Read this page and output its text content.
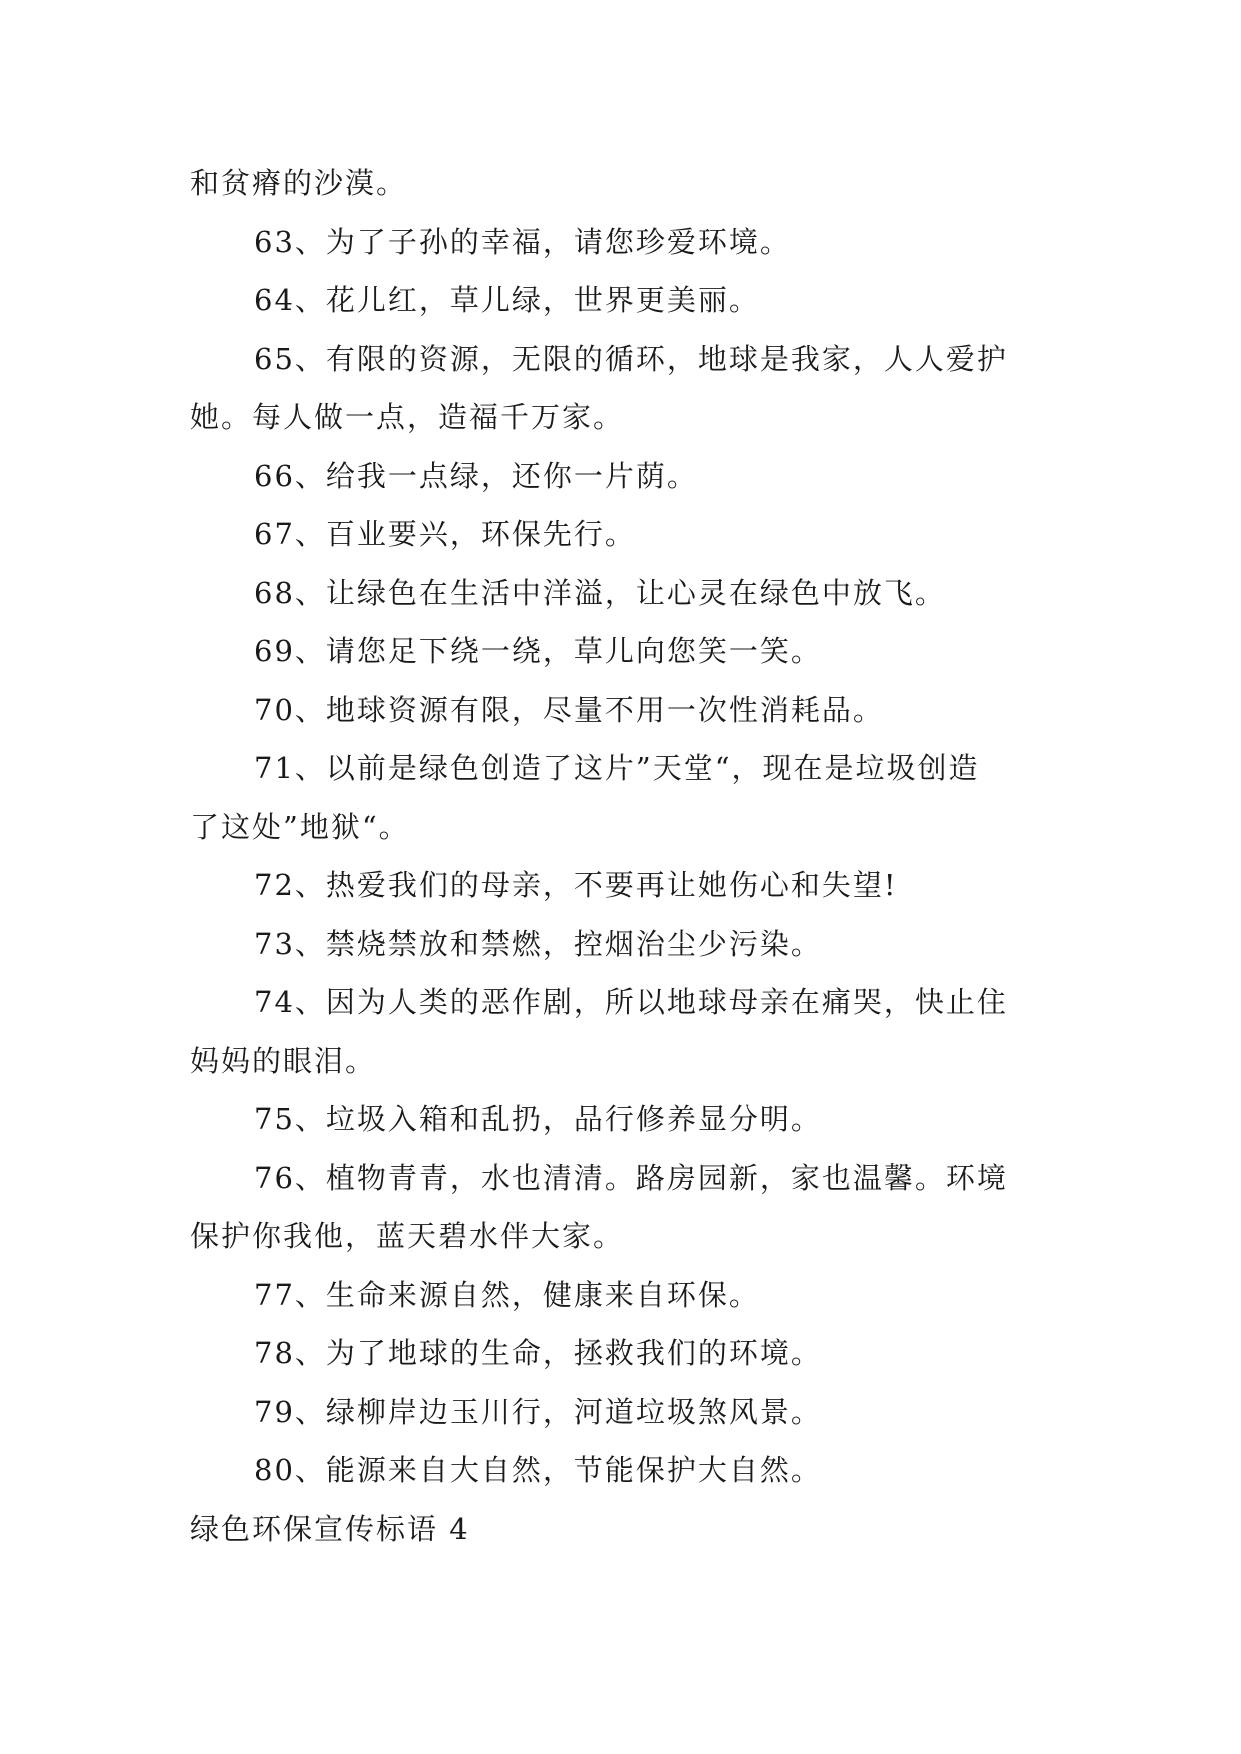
和贫瘠的沙漠。
63、为了子孙的幸福，请您珍爱环境。
64、花儿红，草儿绿，世界更美丽。
65、有限的资源，无限的循环，地球是我家，人人爱护
她。每人做一点，造福千万家。
66、给我一点绿，还你一片荫。
67、百业要兴，环保先行。
68、让绿色在生活中洋溢，让心灵在绿色中放飞。
69、请您足下绕一绕，草儿向您笑一笑。
70、地球资源有限，尽量不用一次性消耗品。
71、以前是绿色创造了这片”天堂“，现在是垃圾创造
了这处”地狱“。
72、热爱我们的母亲，不要再让她伤心和失望!
73、禁烧禁放和禁燃，控烟治尘少污染。
74、因为人类的恶作剧，所以地球母亲在痛哭，快止住
妈妈的眼泪。
75、垃圾入箱和乱扔，品行修养显分明。
76、植物青青，水也清清。路房园新，家也温馨。环境
保护你我他，蓝天碧水伴大家。
77、生命来源自然，健康来自环保。
78、为了地球的生命，拯救我们的环境。
79、绿柳岸边玉川行，河道垃圾煞风景。
80、能源来自大自然，节能保护大自然。
绿色环保宣传标语 4
